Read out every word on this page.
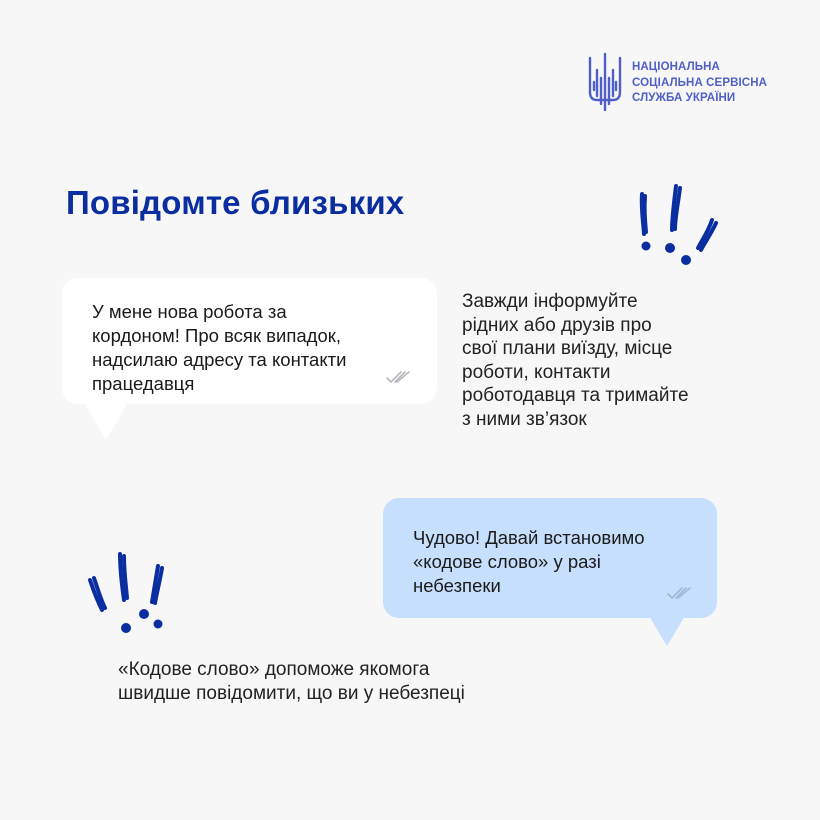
НАЦІОНАЛЬНА
СОЦІАЛЬНА СЕРВІСНА
СЛУЖБА УКРАЇНИ
Повідомте близьких
У мене нова робота за
кордоном! Про всяк випадок,
надсилаю адресу та контакти
працедавця
Завжди інформуйте
рідних або друзів про
свої плани виїзду, місце
роботи, контакти
роботодавця та тримайте
з ними зв’язок
Чудово! Давай встановимо
«кодове слово» у разі
небезпеки
«Кодове слово» допоможе якомога
швидше повідомити, що ви у небезпеці
